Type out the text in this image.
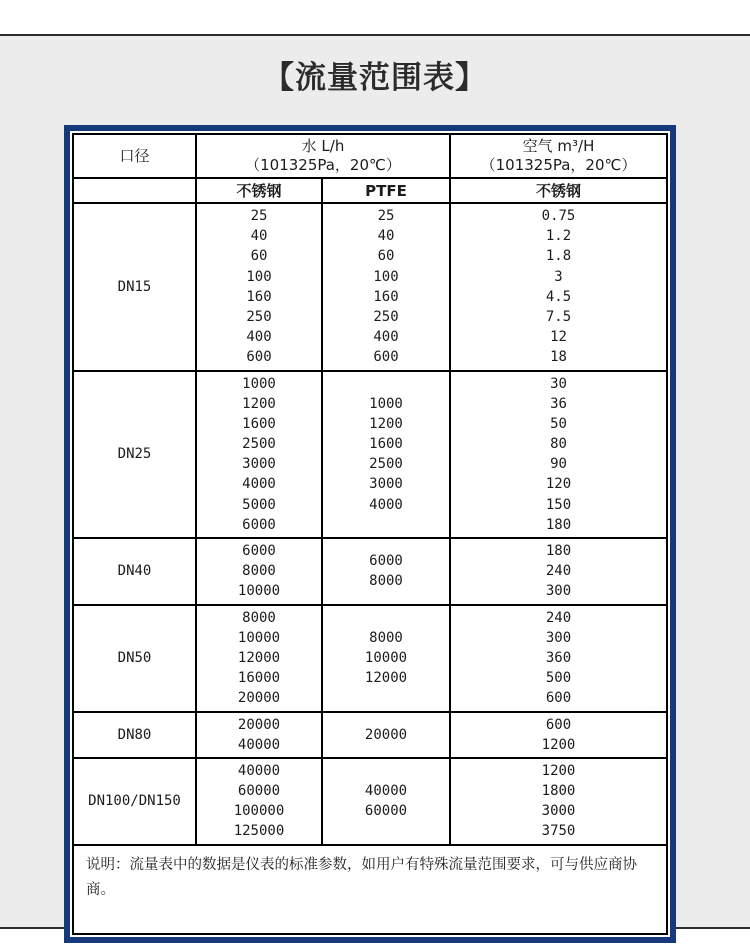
【流量范围表】
口径
水 L/h
（101325Pa，20℃）
空气 m³/H
（101325Pa，20℃）
不锈钢	PTFE	不锈钢
DN15
25
40
60
100
160
250
400
600
25
40
60
100
160
250
400
600
0.75
1.2
1.8
3
4.5
7.5
12
18
DN25
1000
1200
1600
2500
3000
4000
5000
6000
1000
1200
1600
2500
3000
4000
30
36
50
80
90
120
150
180
DN40
6000
8000
10000
6000
8000
180
240
300
DN50
8000
10000
12000
16000
20000
8000
10000
12000
240
300
360
500
600
DN80
20000
40000
20000
600
1200
DN100/DN150
40000
60000
100000
125000
40000
60000
1200
1800
3000
3750
说明：流量表中的数据是仪表的标准参数，如用户有特殊流量范围要求，可与供应商协商。
